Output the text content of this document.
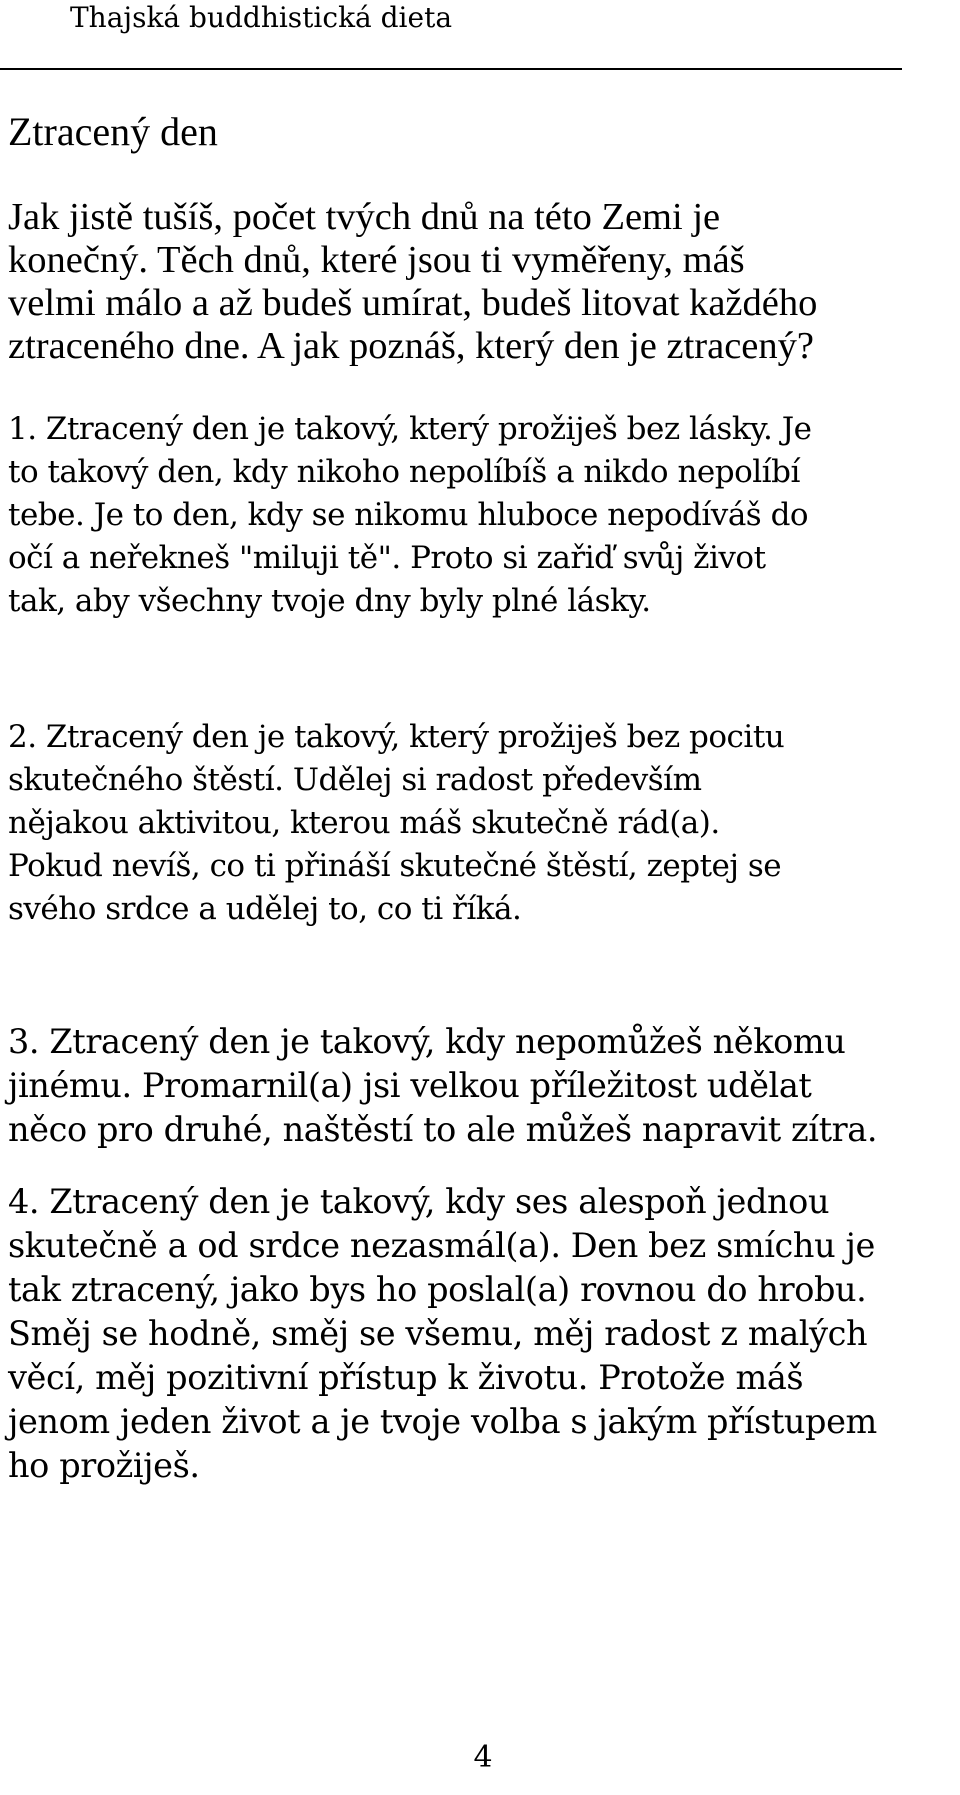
Thajská buddhistická dieta
Ztracený den
Jak jistě tušíš, počet tvých dnů na této Zemi je
konečný. Těch dnů, které jsou ti vyměřeny, máš
velmi málo a až budeš umírat, budeš litovat každého
ztraceného dne. A jak poznáš, který den je ztracený?
1. Ztracený den je takový, který prožiješ bez lásky. Je
to takový den, kdy nikoho nepolíbíš a nikdo nepolíbí
tebe. Je to den, kdy se nikomu hluboce nepodíváš do
očí a neřekneš "miluji tě". Proto si zařiď svůj život
tak, aby všechny tvoje dny byly plné lásky.
2. Ztracený den je takový, který prožiješ bez pocitu
skutečného štěstí. Udělej si radost především
nějakou aktivitou, kterou máš skutečně rád(a).
Pokud nevíš, co ti přináší skutečné štěstí, zeptej se
svého srdce a udělej to, co ti říká.
3. Ztracený den je takový, kdy nepomůžeš někomu
jinému. Promarnil(a) jsi velkou příležitost udělat
něco pro druhé, naštěstí to ale můžeš napravit zítra.
4. Ztracený den je takový, kdy ses alespoň jednou
skutečně a od srdce nezasmál(a). Den bez smíchu je
tak ztracený, jako bys ho poslal(a) rovnou do hrobu.
Směj se hodně, směj se všemu, měj radost z malých
věcí, měj pozitivní přístup k životu. Protože máš
jenom jeden život a je tvoje volba s jakým přístupem
ho prožiješ.
4
